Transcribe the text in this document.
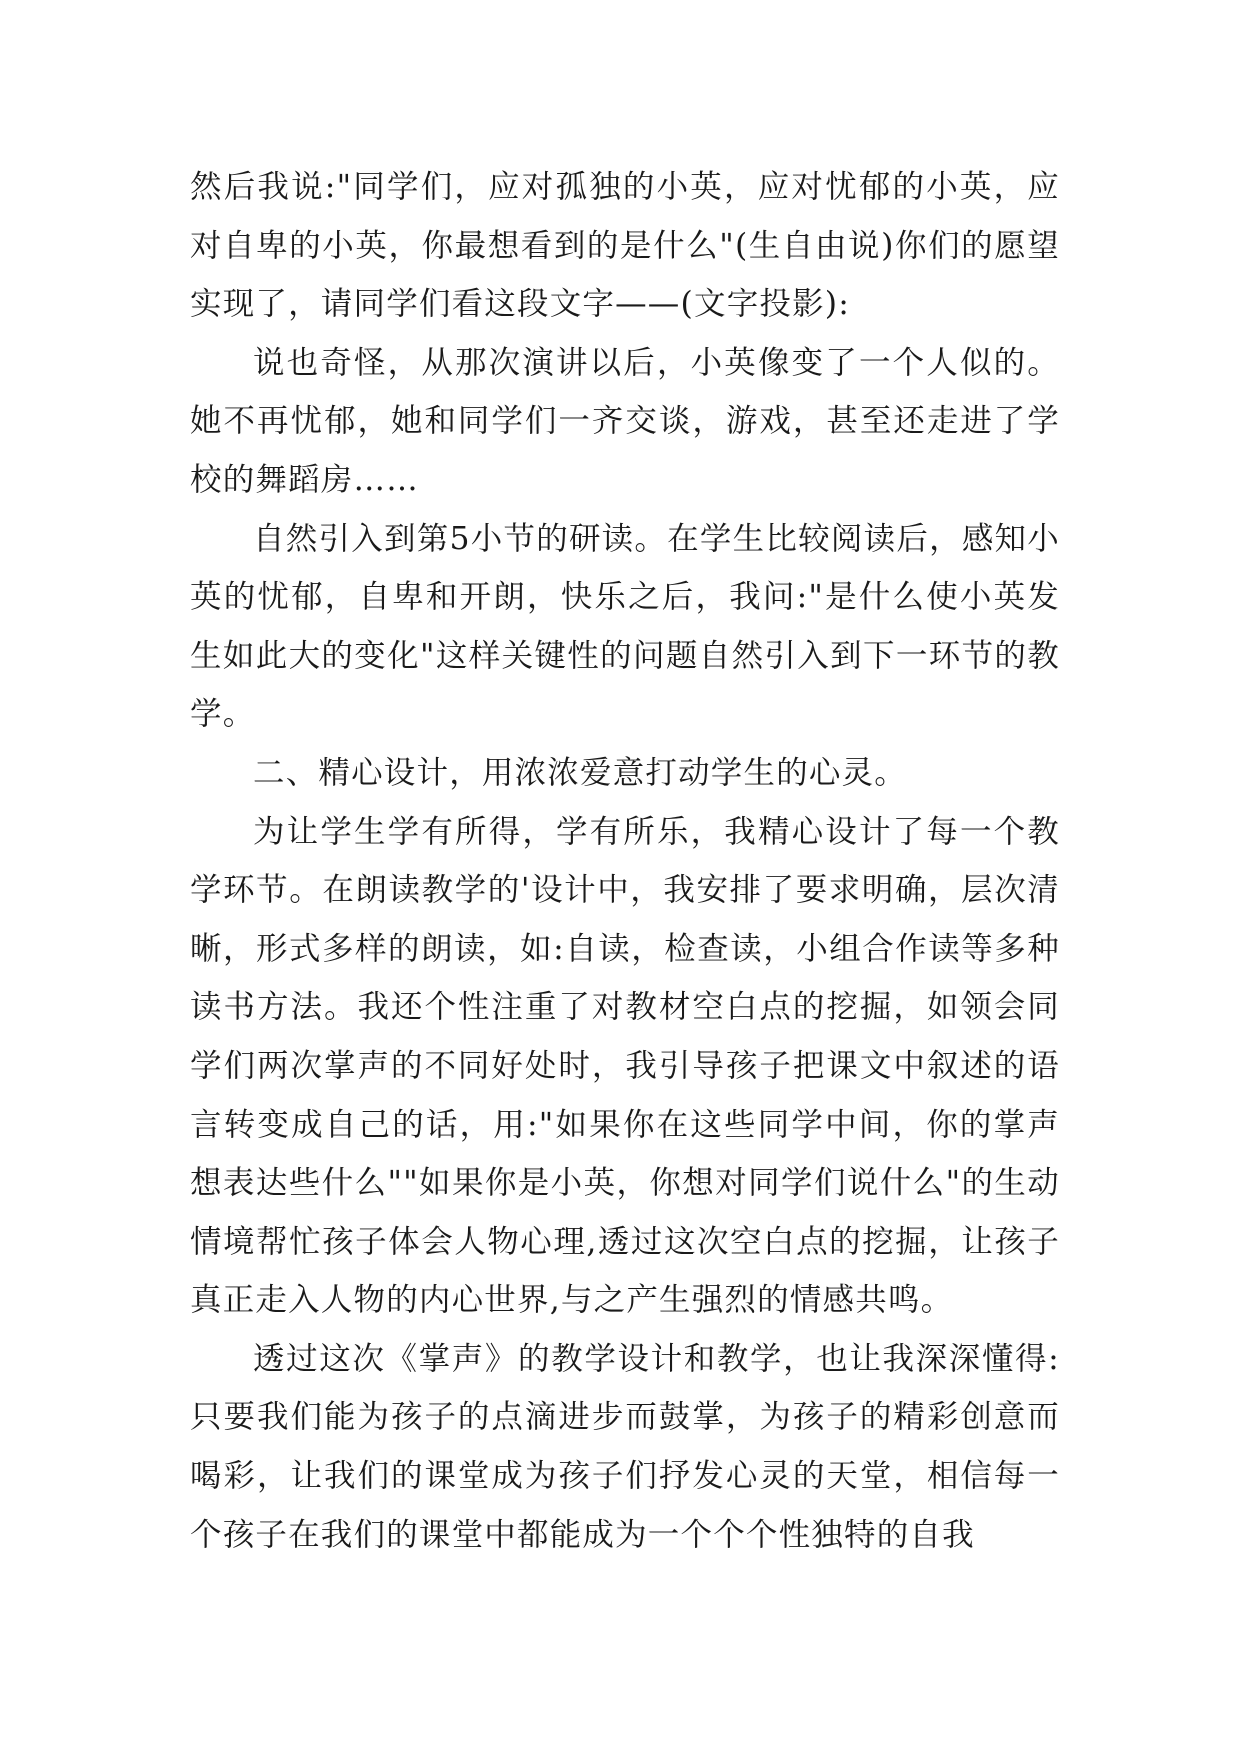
然后我说:"同学们，应对孤独的小英，应对忧郁的小英，应对自卑的小英，你最想看到的是什么"(生自由说)你们的愿望实现了，请同学们看这段文字——(文字投影):

说也奇怪，从那次演讲以后，小英像变了一个人似的。她不再忧郁，她和同学们一齐交谈，游戏，甚至还走进了学校的舞蹈房……

自然引入到第5小节的研读。在学生比较阅读后，感知小英的忧郁，自卑和开朗，快乐之后，我问:"是什么使小英发生如此大的变化"这样关键性的问题自然引入到下一环节的教学。

二、精心设计，用浓浓爱意打动学生的心灵。

为让学生学有所得，学有所乐，我精心设计了每一个教学环节。在朗读教学的'设计中，我安排了要求明确，层次清晰，形式多样的朗读，如:自读，检查读，小组合作读等多种读书方法。我还个性注重了对教材空白点的挖掘，如领会同学们两次掌声的不同好处时，我引导孩子把课文中叙述的语言转变成自己的话，用:"如果你在这些同学中间，你的掌声想表达些什么""如果你是小英，你想对同学们说什么"的生动情境帮忙孩子体会人物心理,透过这次空白点的挖掘，让孩子真正走入人物的内心世界,与之产生强烈的情感共鸣。

透过这次《掌声》的教学设计和教学，也让我深深懂得:只要我们能为孩子的点滴进步而鼓掌，为孩子的精彩创意而喝彩，让我们的课堂成为孩子们抒发心灵的天堂，相信每一个孩子在我们的课堂中都能成为一个个个性独特的自我
